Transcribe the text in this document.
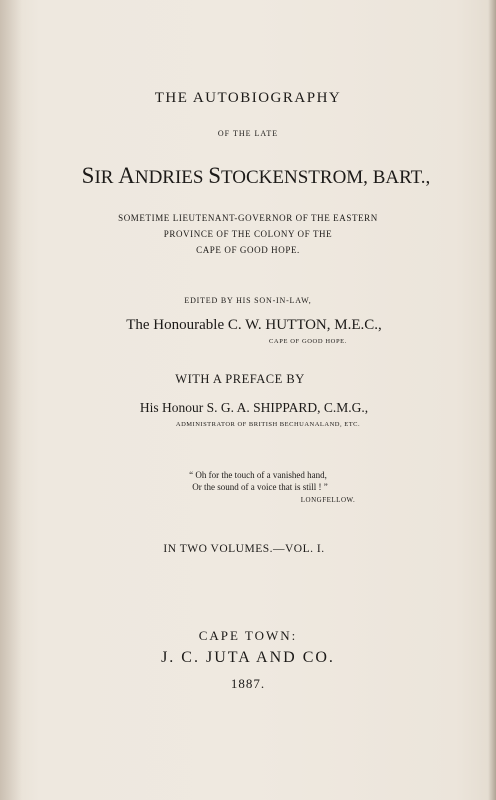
THE AUTOBIOGRAPHY
OF THE LATE
SIR ANDRIES STOCKENSTROM, BART.,
SOMETIME LIEUTENANT-GOVERNOR OF THE EASTERN
PROVINCE OF THE COLONY OF THE
CAPE OF GOOD HOPE.
EDITED BY HIS SON-IN-LAW,
The Honourable C. W. HUTTON, M.E.C.,
CAPE OF GOOD HOPE.
WITH A PREFACE BY
His Honour S. G. A. SHIPPARD, C.M.G.,
ADMINISTRATOR OF BRITISH BECHUANALAND, ETC.
“ Oh for the touch of a vanished hand,
Or the sound of a voice that is still ! ”
LONGFELLOW.
IN TWO VOLUMES.—VOL. I.
CAPE TOWN:
J. C. JUTA AND CO.
1887.
